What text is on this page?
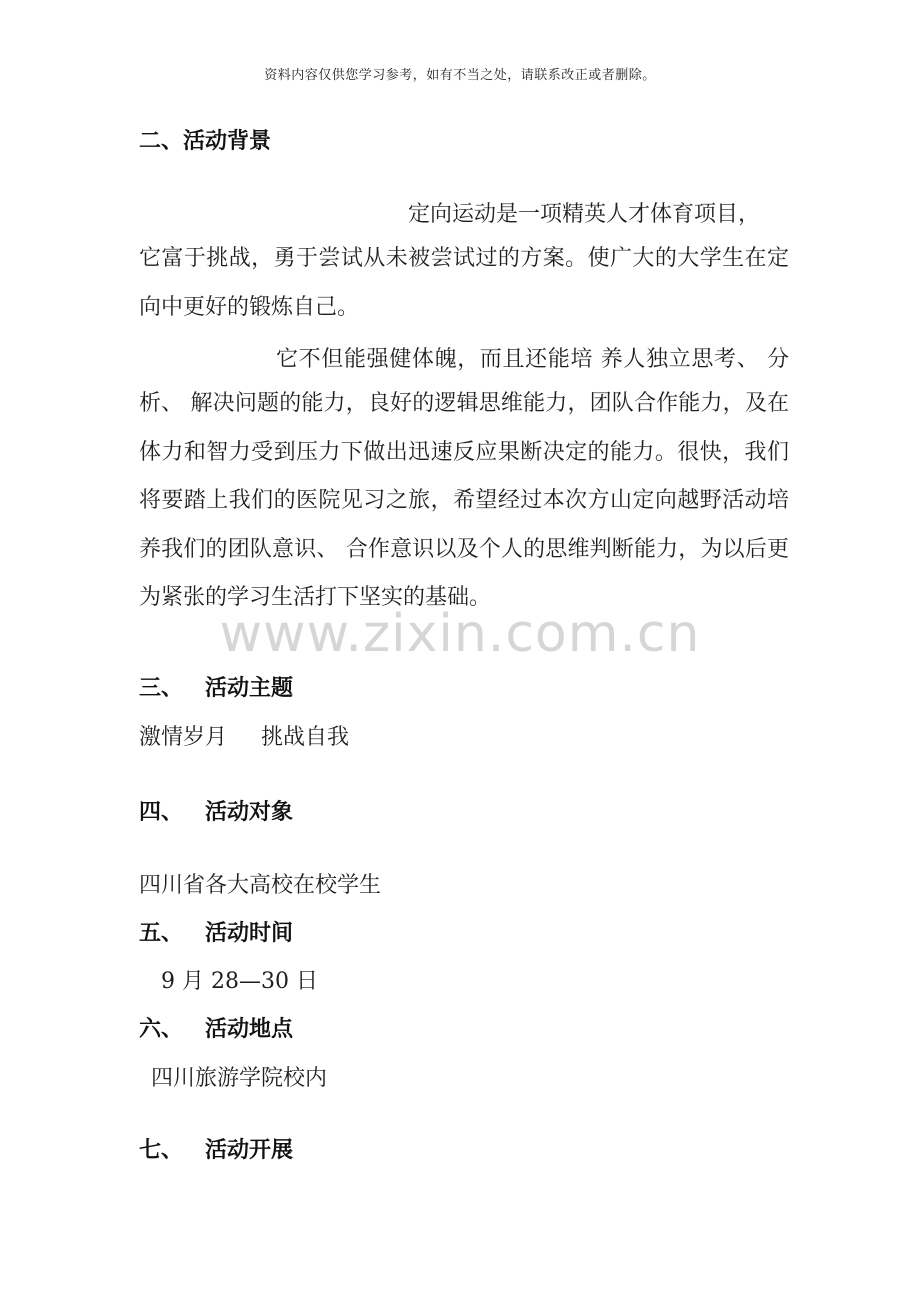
资料内容仅供您学习参考，如有不当之处，请联系改正或者删除。
二、活动背景
定向运动是一项精英人才体育项目，
它富于挑战，勇于尝试从未被尝试过的方案。使广大的大学生在定向中更好的锻炼自己。
它不但能强健体魄，而且还能培 养人独立思考、 分
析、 解决问题的能力，良好的逻辑思维能力，团队合作能力，及在体力和智力受到压力下做出迅速反应果断决定的能力。很快，我们将要踏上我们的医院见习之旅，希望经过本次方山定向越野活动培养我们的团队意识、 合作意识以及个人的思维判断能力，为以后更为紧张的学习生活打下坚实的基础。
www.zixin.com.cn
三、 活动主题
激情岁月 挑战自我
四、 活动对象
四川省各大高校在校学生
五、 活动时间
9 月 28—30 日
六、 活动地点
四川旅游学院校内
七、 活动开展
